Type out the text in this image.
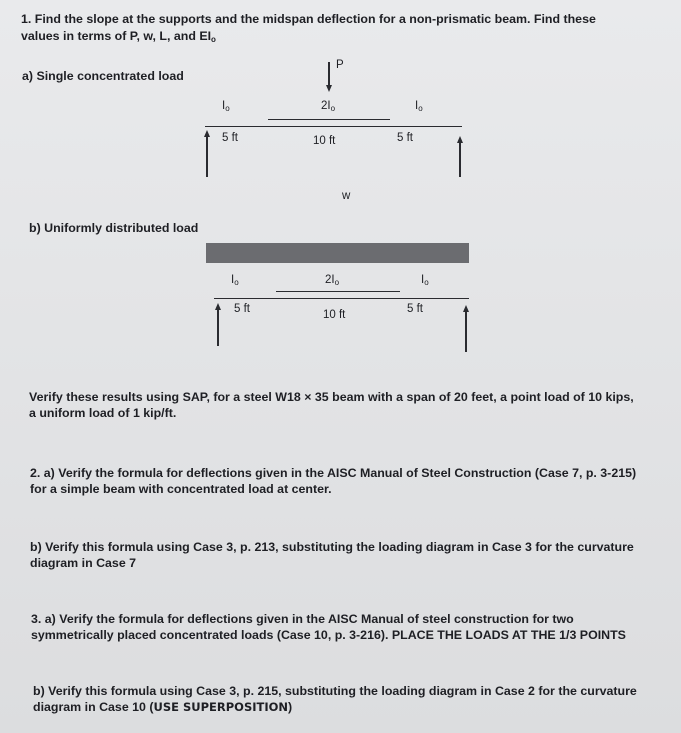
1. Find the slope at the supports and the midspan deflection for a non-prismatic beam. Find these
values in terms of P, w, L, and $EI_o$
a) Single concentrated load
P
$I_o$	$2I_o$	$I_o$
5 ft	10 ft	5 ft
w
b) Uniformly distributed load
$I_o$	$2I_o$	$I_o$
5 ft	10 ft	5 ft
Verify these results using SAP, for a steel W18 × 35 beam with a span of 20 feet, a point load of 10 kips,
a uniform load of 1 kip/ft.
2. a) Verify the formula for deflections given in the AISC Manual of Steel Construction (Case 7, p. 3-215)
for a simple beam with concentrated load at center.
b) Verify this formula using Case 3, p. 213, substituting the loading diagram in Case 3 for the curvature
diagram in Case 7
3. a) Verify the formula for deflections given in the AISC Manual of steel construction for two
symmetrically placed concentrated loads (Case 10, p. 3-216). PLACE THE LOADS AT THE 1/3 POINTS
b) Verify this formula using Case 3, p. 215, substituting the loading diagram in Case 2 for the curvature
diagram in Case 10 (USE SUPERPOSITION)
